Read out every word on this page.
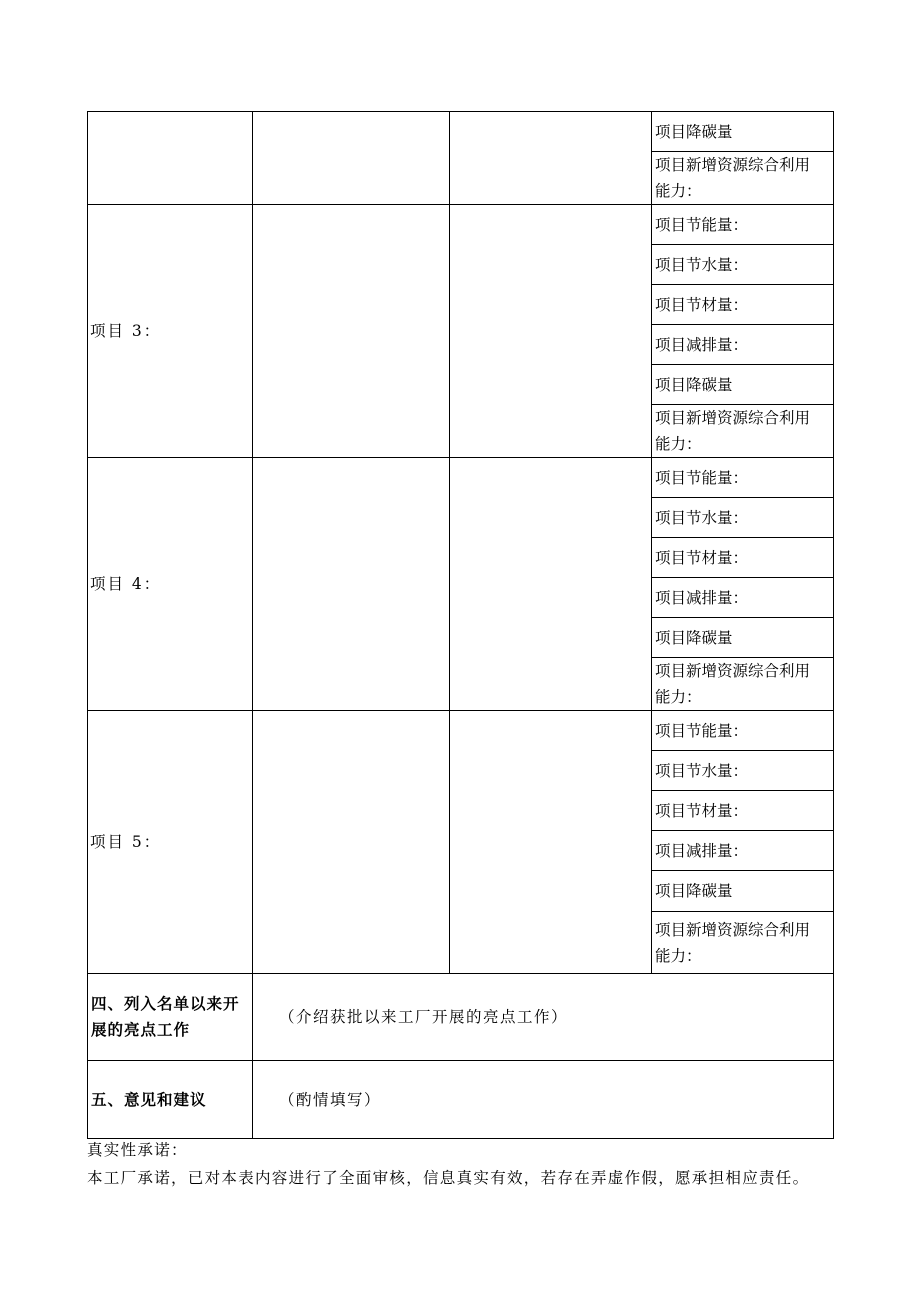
			项目降碳量
			项目新增资源综合利用
能力：
项目 3：			项目节能量：
			项目节水量：
			项目节材量：
			项目减排量：
			项目降碳量
			项目新增资源综合利用
能力：
项目 4：			项目节能量：
			项目节水量：
			项目节材量：
			项目减排量：
			项目降碳量
			项目新增资源综合利用
能力：
项目 5：			项目节能量：
			项目节水量：
			项目节材量：
			项目减排量：
			项目降碳量
			项目新增资源综合利用
能力：
四、列入名单以来开
展的亮点工作	（介绍获批以来工厂开展的亮点工作）		
五、意见和建议	（酌情填写）		
真实性承诺：
本工厂承诺，已对本表内容进行了全面审核，信息真实有效，若存在弄虚作假，愿承担相应责任。
